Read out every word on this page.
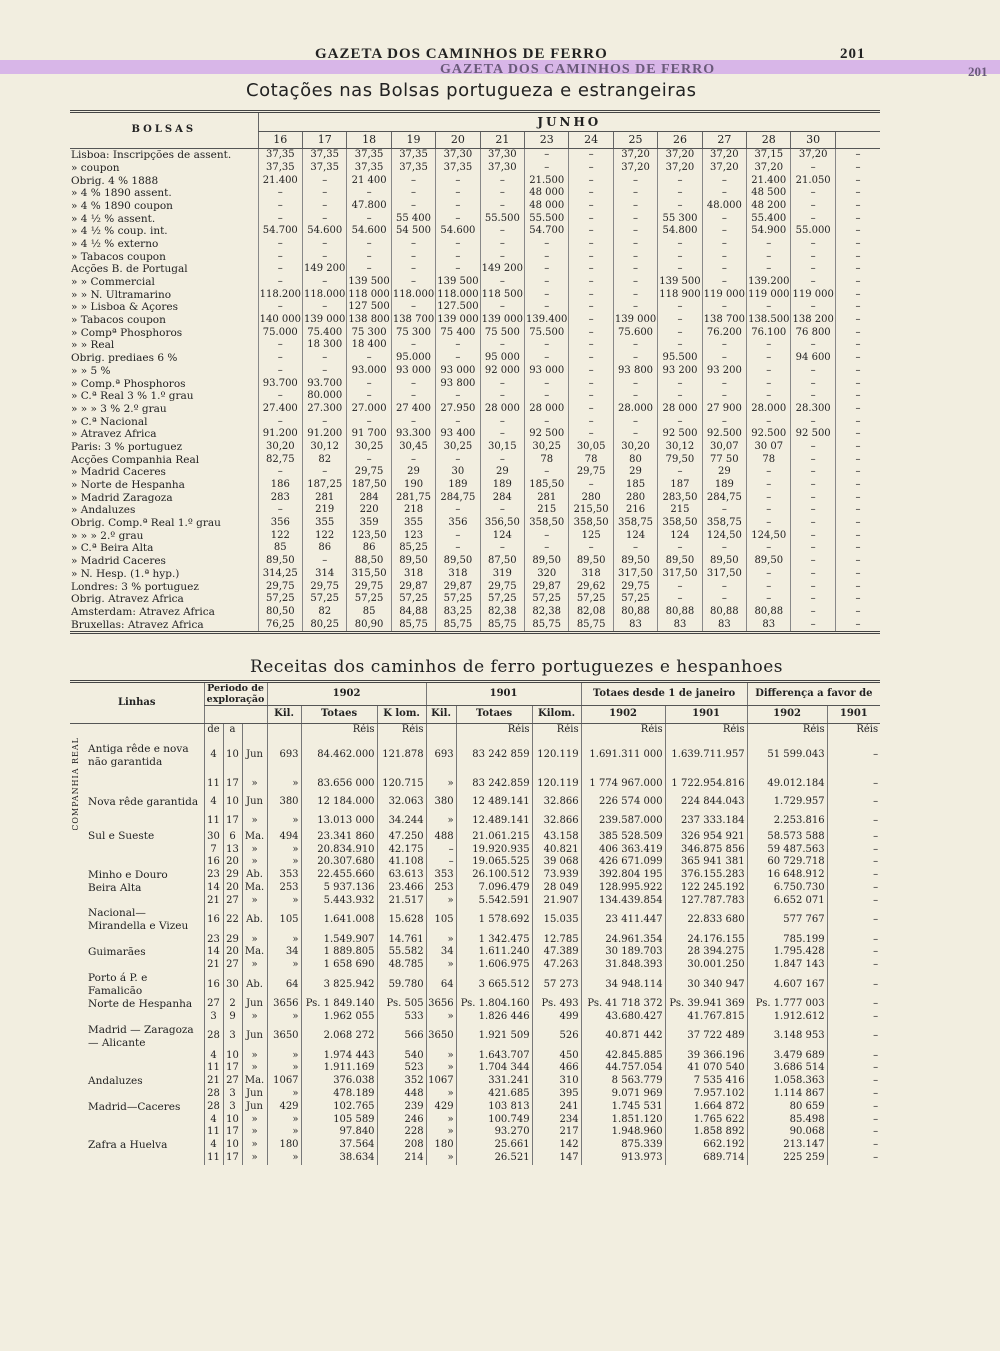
GAZETA DOS CAMINHOS DE FERRO	201
GAZETA DOS CAMINHOS DE FERRO	201
Cotações nas Bolsas portugueza e estrangeiras
BOLSAS	JUNHO													
	16	17	18	19	20	21	23	24	25	26	27	28	30	
Lisboa: Inscripções de assent.	37,35	37,35	37,35	37,35	37,30	37,30	–	–	37,20	37,20	37,20	37,15	37,20	–
» coupon	37,35	37,35	37,35	37,35	37,35	37,30	–	–	37,20	37,20	37,20	37,20	–	–
Obrig. 4 % 1888	21.400	–	21 400	–	–	–	21.500	–	–	–	–	21.400	21.050	–
» 4 % 1890 assent.	–	–	–	–	–	–	48 000	–	–	–	–	48 500	–	–
» 4 % 1890 coupon	–	–	47.800	–	–	–	48 000	–	–	–	48.000	48 200	–	–
» 4 ½ % assent.	–	–	–	55 400	–	55.500	55.500	–	–	55 300	–	55.400	–	–
» 4 ½ % coup. int.	54.700	54.600	54.600	54 500	54.600	–	54.700	–	–	54.800	–	54.900	55.000	–
» 4 ½ % externo	–	–	–	–	–	–	–	–	–	–	–	–	–	–
» Tabacos coupon	–	–	–	–	–	–	–	–	–	–	–	–	–	–
Acções B. de Portugal	–	149 200	–	–	–	149 200	–	–	–	–	–	–	–	–
» » Commercial	–	–	139 500	–	139 500	–	–	–	–	139 500	–	139.200	–	–
» » N. Ultramarino	118.200	118.000	118 000	118.000	118.000	118 500	–	–	–	118 900	119 000	119 000	119 000	–
» » Lisboa & Açores	–	–	127 500	–	127.500	–	–	–	–	–	–	–	–	–
» Tabacos coupon	140 000	139 000	138 800	138 700	139 000	139 000	139.400	–	139 000	–	138 700	138.500	138 200	–
» Compª Phosphoros	75.000	75.400	75 300	75 300	75 400	75 500	75.500	–	75.600	–	76.200	76.100	76 800	–
» » Real	–	18 300	18 400	–	–	–	–	–	–	–	–	–	–	–
Obrig. prediaes 6 %	–	–	–	95.000	–	95 000	–	–	–	95.500	–	–	94 600	–
» » 5 %	–	–	93.000	93 000	93 000	92 000	93 000	–	93 800	93 200	93 200	–	–	–
» Comp.ª Phosphoros	93.700	93.700	–	–	93 800	–	–	–	–	–	–	–	–	–
» C.ª Real 3 % 1.º grau	–	80.000	–	–	–	–	–	–	–	–	–	–	–	–
» » » 3 % 2.º grau	27.400	27.300	27.000	27 400	27.950	28 000	28 000	–	28.000	28 000	27 900	28.000	28.300	–
» C.ª Nacional	–	–	–	–	–	–	–	–	–	–	–	–	–	–
» Atravez Africa	91.200	91.200	91 700	93.300	93 400	–	92 500	–	–	92 500	92.500	92.500	92 500	–
Paris: 3 % portuguez	30,20	30,12	30,25	30,45	30,25	30,15	30,25	30,05	30,20	30,12	30,07	30 07	–	–
Acções Companhia Real	82,75	82	–	–	–	–	78	78	80	79,50	77 50	78	–	–
» Madrid Caceres	–	–	29,75	29	30	29	–	29,75	29	–	29	–	–	–
» Norte de Hespanha	186	187,25	187,50	190	189	189	185,50	–	185	187	189	–	–	–
» Madrid Zaragoza	283	281	284	281,75	284,75	284	281	280	280	283,50	284,75	–	–	–
» Andaluzes	–	219	220	218	–	–	215	215,50	216	215	–	–	–	–
Obrig. Comp.ª Real 1.º grau	356	355	359	355	356	356,50	358,50	358,50	358,75	358,50	358,75	–	–	–
» » » 2.º grau	122	122	123,50	123	–	124	–	125	124	124	124,50	124,50	–	–
» C.ª Beira Alta	85	86	86	85,25	–	–	–	–	–	–	–	–	–	–
» Madrid Caceres	89,50	–	88,50	89,50	89,50	87,50	89,50	89,50	89,50	89,50	89,50	89,50	–	–
» N. Hesp. (1.ª hyp.)	314,25	314	315,50	318	318	319	320	318	317,50	317,50	317,50	–	–	–
Londres: 3 % portuguez	29,75	29,75	29,75	29,87	29,87	29,75	29,87	29,62	29,75	–	–	–	–	–
Obrig. Atravez Africa	57,25	57,25	57,25	57,25	57,25	57,25	57,25	57,25	57,25	–	–	–	–	–
Amsterdam: Atravez Africa	80,50	82	85	84,88	83,25	82,38	82,38	82,08	80,88	80,88	80,88	80,88	–	–
Bruxellas: Atravez Africa	76,25	80,25	80,90	85,75	85,75	85,75	85,75	85,75	83	83	83	83	–	–
Receitas dos caminhos de ferro portuguezes e hespanhoes
Linhas		Periodo de exploração			1902			1901			Totaes desde 1 de janeiro		Differença a favor de	
					Kil.	Totaes	K lom.	Kil.	Totaes	Kilom.	1902	1901	1902	1901
		de	a			Réis	Réis		Réis	Réis	Réis	Réis	Réis	Réis

COMPANHIA REAL	Antiga rêde e nova não garantida	4	10	Jun	693	84.462.000	121.878	693	83 242 859	120.119	1.691.311 000	1.639.711.957	51 599.043	–
		11	17	»	»	83.656 000	120.715	»	83 242.859	120.119	1 774 967.000	1 722.954.816	49.012.184	–
	Nova rêde garantida	4	10	Jun	380	12 184.000	32.063	380	12 489.141	32.866	226 574 000	224 844.043	1.729.957	–
		11	17	»	»	13.013 000	34.244	»	12.489.141	32.866	239.587.000	237 333.184	2.253.816	–
	Sul e Sueste	30	6	Ma.	494	23.341 860	47.250	488	21.061.215	43.158	385 528.509	326 954 921	58.573 588	–
		7	13	»	»	20.834.910	42.175	–	19.920.935	40.821	406 363.419	346.875 856	59 487.563	–
		16	20	»	»	20.307.680	41.108	–	19.065.525	39 068	426 671.099	365 941 381	60 729.718	–
	Minho e Douro	23	29	Ab.	353	22.455.660	63.613	353	26.100.512	73.939	392.804 195	376.155.283	16 648.912	–
	Beira Alta	14	20	Ma.	253	5 937.136	23.466	253	7.096.479	28 049	128.995.922	122 245.192	6.750.730	–
		21	27	»	»	5.443.932	21.517	»	5.542.591	21.907	134.439.854	127.787.783	6.652 071	–
	Nacional—Mirandella e Vizeu	16	22	Ab.	105	1.641.008	15.628	105	1 578.692	15.035	23 411.447	22.833 680	577 767	–
		23	29	»	»	1.549.907	14.761	»	1 342.475	12.785	24.961.354	24.176.155	785.199	–
	Guimarães	14	20	Ma.	34	1 889.805	55.582	34	1.611.240	47.389	30 189.703	28 394.275	1.795.428	–
		21	27	»	»	1 658 690	48.785	»	1.606.975	47.263	31.848.393	30.001.250	1.847 143	–
	Porto á P. e Famalicão	16	30	Ab.	64	3 825.942	59.780	64	3 665.512	57 273	34 948.114	30 340 947	4.607 167	–
	Norte de Hespanha	27	2	Jun	3656	Ps. 1 849.140	Ps. 505	3656	Ps. 1.804.160	Ps. 493	Ps. 41 718 372	Ps. 39.941 369	Ps. 1.777 003	–
		3	9	»	»	1.962 055	533	»	1.826 446	499	43.680.427	41.767.815	1.912.612	–
	Madrid — Zaragoza — Alicante	28	3	Jun	3650	2.068 272	566	3650	1.921 509	526	40.871 442	37 722 489	3.148 953	–
		4	10	»	»	1.974 443	540	»	1.643.707	450	42.845.885	39 366.196	3.479 689	–
		11	17	»	»	1.911.169	523	»	1.704 344	466	44.757.054	41 070 540	3.686 514	–
	Andaluzes	21	27	Ma.	1067	376.038	352	1067	331.241	310	8 563.779	7 535 416	1.058.363	–
		28	3	Jun	»	478.189	448	»	421.685	395	9.071 969	7.957.102	1.114 867	–
	Madrid—Caceres	28	3	Jun	429	102.765	239	429	103 813	241	1.745 531	1.664 872	80 659	–
		4	10	»	»	105 589	246	»	100.749	234	1.851.120	1.765 622	85.498	–
		11	17	»	»	97.840	228	»	93.270	217	1.948.960	1.858 892	90.068	–
	Zafra a Huelva	4	10	»	180	37.564	208	180	25.661	142	875.339	662.192	213.147	–
		11	17	»	»	38.634	214	»	26.521	147	913.973	689.714	225 259	–
